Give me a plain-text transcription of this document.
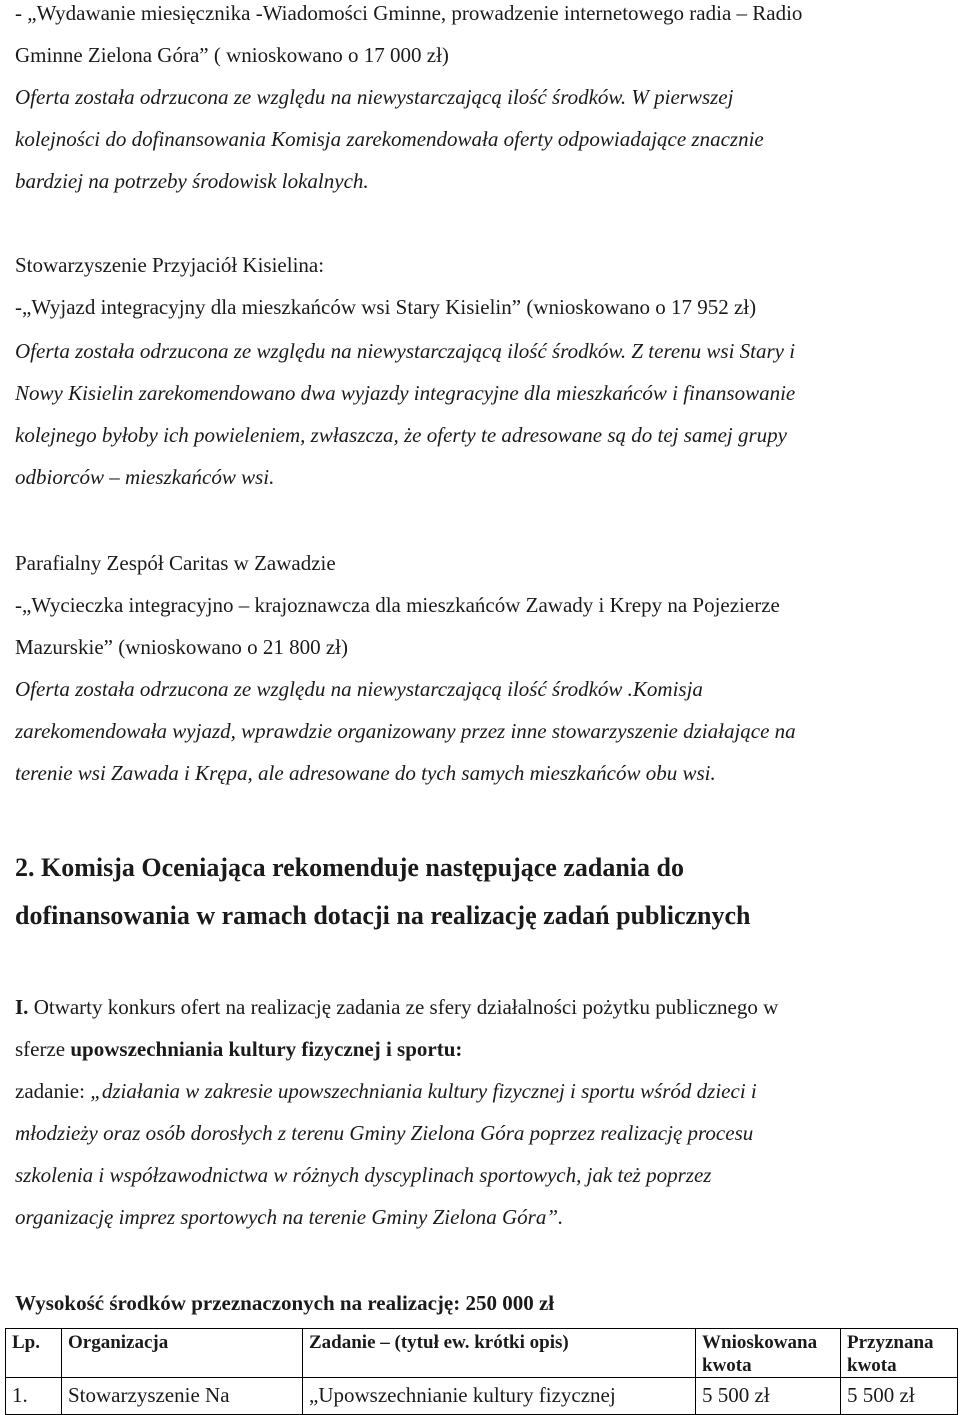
- „Wydawanie miesięcznika -Wiadomości Gminne, prowadzenie internetowego radia – Radio
Gminne Zielona Góra” ( wnioskowano o 17 000 zł)
Oferta została odrzucona ze względu na niewystarczającą ilość środków. W pierwszej
kolejności do dofinansowania Komisja zarekomendowała oferty odpowiadające znacznie
bardziej na potrzeby środowisk lokalnych.
Stowarzyszenie Przyjaciół Kisielina:
-„Wyjazd integracyjny dla mieszkańców wsi Stary Kisielin” (wnioskowano o 17 952 zł)
Oferta została odrzucona ze względu na niewystarczającą ilość środków. Z terenu wsi Stary i
Nowy Kisielin zarekomendowano dwa wyjazdy integracyjne dla mieszkańców i finansowanie
kolejnego byłoby ich powieleniem, zwłaszcza, że oferty te adresowane są do tej samej grupy
odbiorców – mieszkańców wsi.
Parafialny Zespół Caritas w Zawadzie
-„Wycieczka integracyjno – krajoznawcza dla mieszkańców Zawady i Krepy na Pojezierze
Mazurskie” (wnioskowano o 21 800 zł)
Oferta została odrzucona ze względu na niewystarczającą ilość środków .Komisja
zarekomendowała wyjazd, wprawdzie organizowany przez inne stowarzyszenie działające na
terenie wsi Zawada i Krępa, ale adresowane do tych samych mieszkańców obu wsi.
2. Komisja Oceniająca rekomenduje następujące zadania do
dofinansowania w ramach dotacji na realizację zadań publicznych
I. Otwarty konkurs ofert na realizację zadania ze sfery działalności pożytku publicznego w
sferze upowszechniania kultury fizycznej i sportu:
zadanie: „działania w zakresie upowszechniania kultury fizycznej i sportu wśród dzieci i
młodzieży oraz osób dorosłych z terenu Gminy Zielona Góra poprzez realizację procesu
szkolenia i współzawodnictwa w różnych dyscyplinach sportowych, jak też poprzez
organizację imprez sportowych na terenie Gminy Zielona Góra”.
Wysokość środków przeznaczonych na realizację: 250 000 zł
Lp.	Organizacja	Zadanie – (tytuł ew. krótki opis)	Wnioskowana kwota	Przyznana kwota
1.	Stowarzyszenie Na	„Upowszechnianie kultury fizycznej	5 500 zł	5 500 zł
